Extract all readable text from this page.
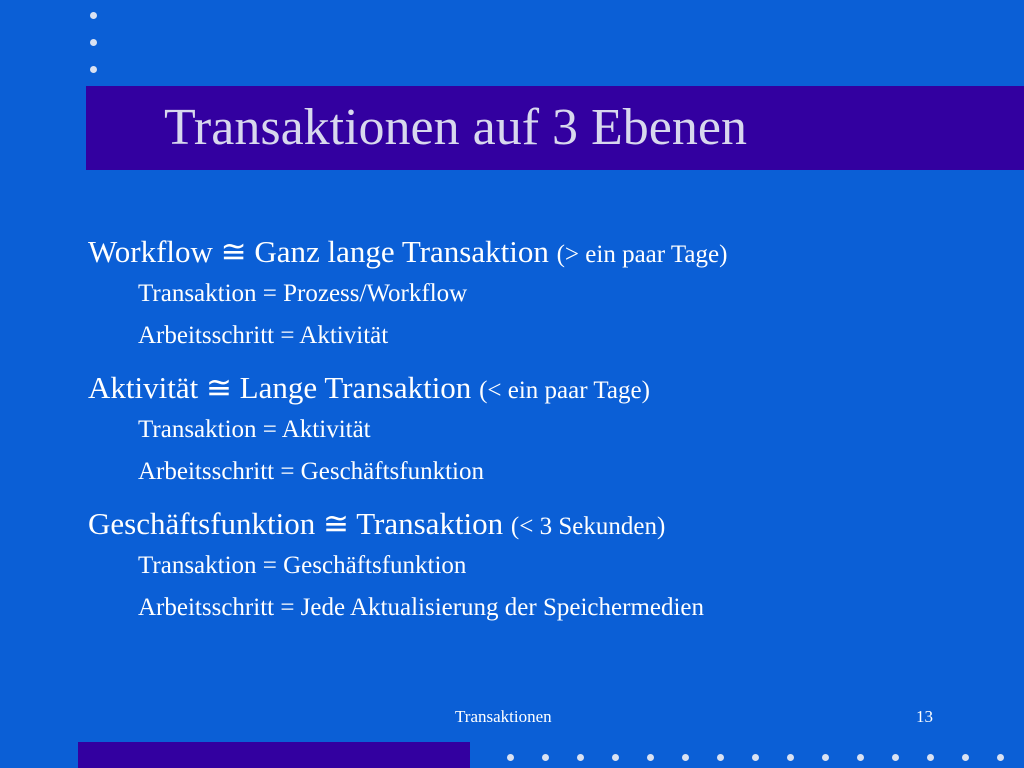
Transaktionen auf 3 Ebenen
Workflow ≅ Ganz lange Transaktion (> ein paar Tage)
Transaktion = Prozess/Workflow
Arbeitsschritt = Aktivität
Aktivität ≅ Lange Transaktion (< ein paar Tage)
Transaktion = Aktivität
Arbeitsschritt = Geschäftsfunktion
Geschäftsfunktion ≅ Transaktion (< 3 Sekunden)
Transaktion = Geschäftsfunktion
Arbeitsschritt = Jede Aktualisierung der Speichermedien
Transaktionen	13
